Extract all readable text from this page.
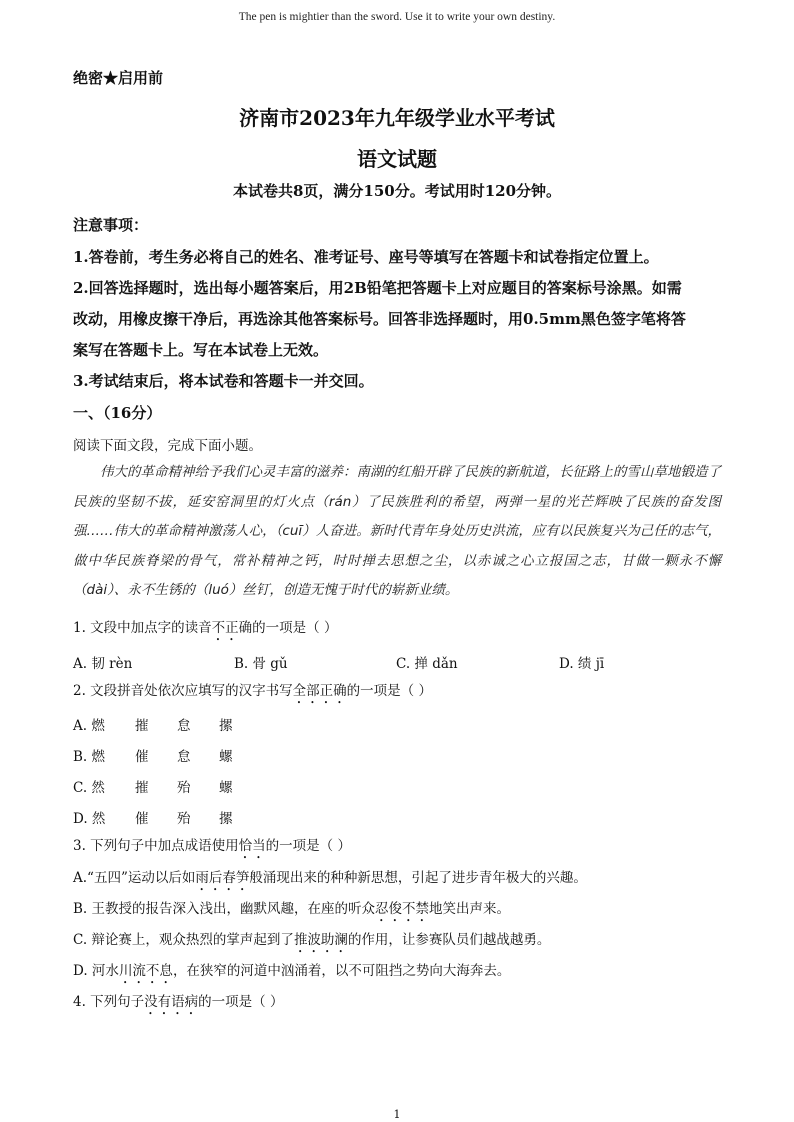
The pen is mightier than the sword. Use it to write your own destiny.
绝密★启用前
济南市2023年九年级学业水平考试
语文试题
本试卷共8页，满分150分。考试用时120分钟。
注意事项：
1.答卷前，考生务必将自己的姓名、准考证号、座号等填写在答题卡和试卷指定位置上。
2.回答选择题时，选出每小题答案后，用2B铅笔把答题卡上对应题目的答案标号涂黑。如需
改动，用橡皮擦干净后，再选涂其他答案标号。回答非选择题时，用0.5mm黑色签字笔将答
案写在答题卡上。写在本试卷上无效。
3.考试结束后，将本试卷和答题卡一并交回。
一、（16分）
阅读下面文段，完成下面小题。
伟大的革命精神给予我们心灵丰富的滋养：南湖的红船开辟了民族的新航道，长征路上的雪山草地锻造了民族的坚韧不拔，延安窑洞里的灯火点（rán）了民族胜利的希望，两弹一星的光芒辉映了民族的奋发图强……伟大的革命精神激荡人心，（cuī）人奋进。新时代青年身处历史洪流，应有以民族复兴为己任的志气，做中华民族脊梁的骨气，常补精神之钙，时时掸去思想之尘，以赤诚之心立报国之志，甘做一颗永不懈（dài）、永不生锈的（luó）丝钉，创造无愧于时代的崭新业绩。
1. 文段中加点字的读音不正确的一项是（ ）
A. 韧 rèn	B. 骨 gǔ	C. 掸 dǎn	D. 绩 jī
2. 文段拼音处依次应填写的汉字书写全部正确的一项是（ ）
A. 燃 摧 怠 摞
B. 燃 催 怠 螺
C. 然 摧 殆 螺
D. 然 催 殆 摞
3. 下列句子中加点成语使用恰当的一项是（ ）
A.“五四”运动以后如雨后春笋般涌现出来的种种新思想，引起了进步青年极大的兴趣。
B. 王教授的报告深入浅出，幽默风趣，在座的听众忍俊不禁地笑出声来。
C. 辩论赛上，观众热烈的掌声起到了推波助澜的作用，让参赛队员们越战越勇。
D. 河水川流不息，在狭窄的河道中汹涌着，以不可阻挡之势向大海奔去。
4. 下列句子没有语病的一项是（ ）
1
